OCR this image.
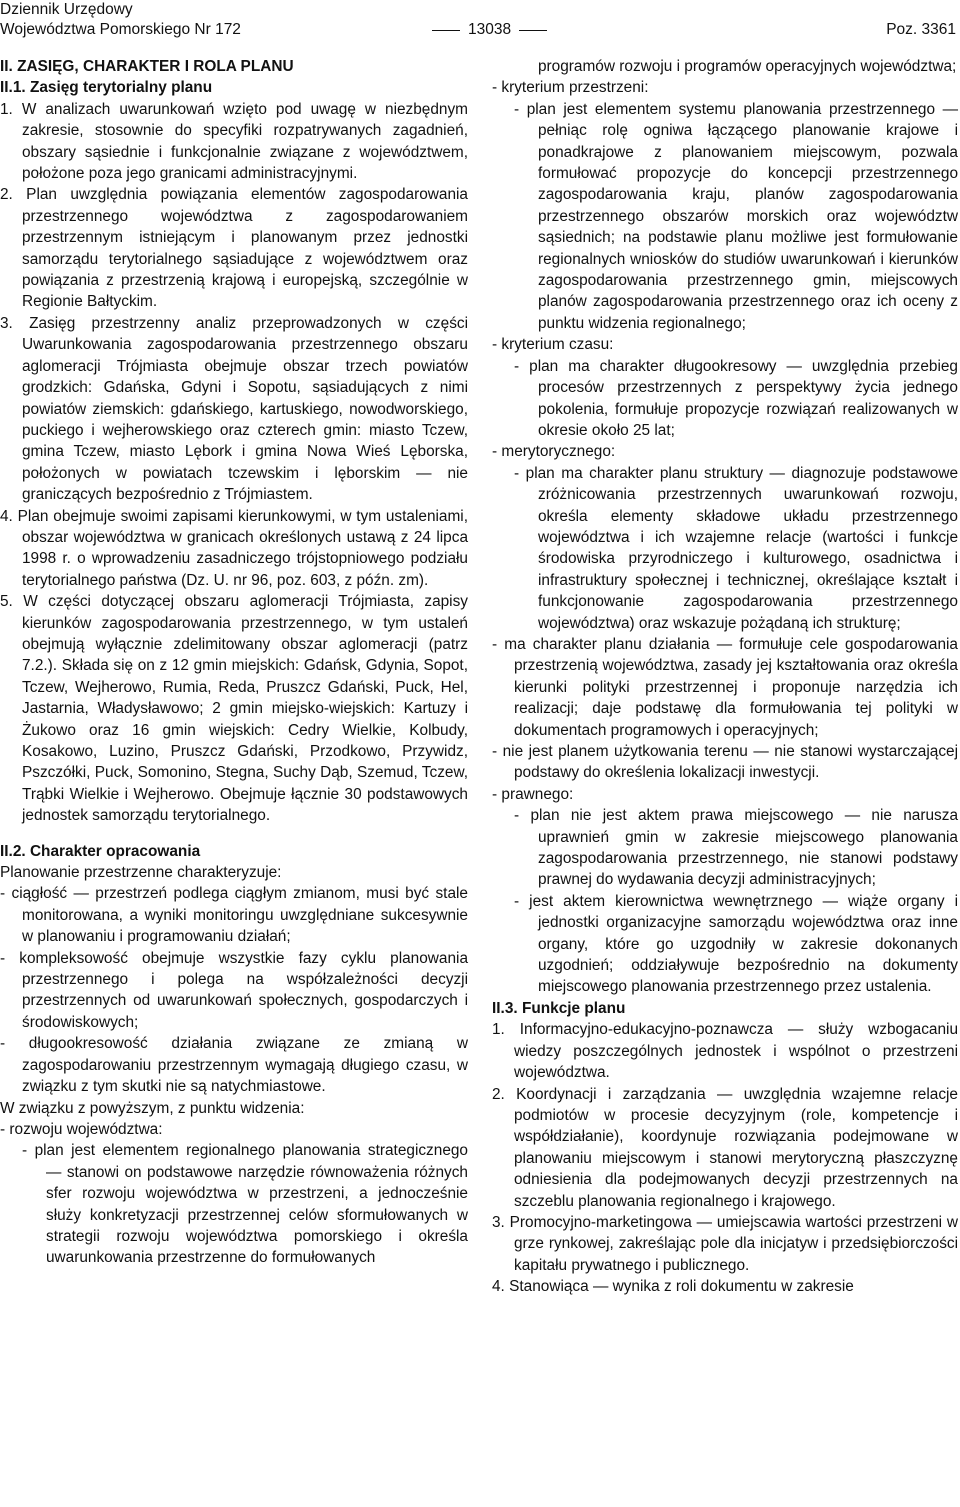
Dziennik Urzędowy
Województwa Pomorskiego Nr 172	13038	Poz. 3361

II. ZASIĘG, CHARAKTER I ROLA PLANU

II.1. Zasięg terytorialny planu

1. W analizach uwarunkowań wzięto pod uwagę w niezbędnym zakresie, stosownie do specyfiki rozpatrywanych zagadnień, obszary sąsiednie i funkcjonalnie związane z województwem, położone poza jego granicami administracyjnymi.

2. Plan uwzględnia powiązania elementów zagospodarowania przestrzennego województwa z zagospodarowaniem przestrzennym istniejącym i planowanym przez jednostki samorządu terytorialnego sąsiadujące z województwem oraz powiązania z przestrzenią krajową i europejską, szczególnie w Regionie Bałtyckim.

3. Zasięg przestrzenny analiz przeprowadzonych w części Uwarunkowania zagospodarowania przestrzennego obszaru aglomeracji Trójmiasta obejmuje obszar trzech powiatów grodzkich: Gdańska, Gdyni i Sopotu, sąsiadujących z nimi powiatów ziemskich: gdańskiego, kartuskiego, nowodworskiego, puckiego i wejherowskiego oraz czterech gmin: miasto Tczew, gmina Tczew, miasto Lębork i gmina Nowa Wieś Lęborska, położonych w powiatach tczewskim i lęborskim — nie graniczących bezpośrednio z Trójmiastem.

4. Plan obejmuje swoimi zapisami kierunkowymi, w tym ustaleniami, obszar województwa w granicach określonych ustawą z 24 lipca 1998 r. o wprowadzeniu zasadniczego trójstopniowego podziału terytorialnego państwa (Dz. U. nr 96, poz. 603, z późn. zm).

5. W części dotyczącej obszaru aglomeracji Trójmiasta, zapisy kierunków zagospodarowania przestrzennego, w tym ustaleń obejmują wyłącznie zdelimitowany obszar aglomeracji (patrz 7.2.). Składa się on z 12 gmin miejskich: Gdańsk, Gdynia, Sopot, Tczew, Wejherowo, Rumia, Reda, Pruszcz Gdański, Puck, Hel, Jastarnia, Władysławowo; 2 gmin miejsko-wiejskich: Kartuzy i Żukowo oraz 16 gmin wiejskich: Cedry Wielkie, Kolbudy, Kosakowo, Luzino, Pruszcz Gdański, Przodkowo, Przywidz, Pszczółki, Puck, Somonino, Stegna, Suchy Dąb, Szemud, Tczew, Trąbki Wielkie i Wejherowo. Obejmuje łącznie 30 podstawowych jednostek samorządu terytorialnego.

II.2. Charakter opracowania

Planowanie przestrzenne charakteryzuje:

- ciągłość — przestrzeń podlega ciągłym zmianom, musi być stale monitorowana, a wyniki monitoringu uwzględniane sukcesywnie w planowaniu i programowaniu działań;

- kompleksowość obejmuje wszystkie fazy cyklu planowania przestrzennego i polega na współzależności decyzji przestrzennych od uwarunkowań społecznych, gospodarczych i środowiskowych;

- długookresowość działania związane ze zmianą w zagospodarowaniu przestrzennym wymagają długiego czasu, w związku z tym skutki nie są natychmiastowe.

W związku z powyższym, z punktu widzenia:

- rozwoju województwa:

- plan jest elementem regionalnego planowania strategicznego — stanowi on podstawowe narzędzie równoważenia różnych sfer rozwoju województwa w przestrzeni, a jednocześnie służy konkretyzacji przestrzennej celów sformułowanych w strategii rozwoju województwa pomorskiego i określa uwarunkowania przestrzenne do formułowanych

programów rozwoju i programów operacyjnych województwa;

- kryterium przestrzeni:

- plan jest elementem systemu planowania przestrzennego — pełniąc rolę ogniwa łączącego planowanie krajowe i ponadkrajowe z planowaniem miejscowym, pozwala formułować propozycje do koncepcji przestrzennego zagospodarowania kraju, planów zagospodarowania przestrzennego obszarów morskich oraz województw sąsiednich; na podstawie planu możliwe jest formułowanie regionalnych wniosków do studiów uwarunkowań i kierunków zagospodarowania przestrzennego gmin, miejscowych planów zagospodarowania przestrzennego oraz ich oceny z punktu widzenia regionalnego;

- kryterium czasu:

- plan ma charakter długookresowy — uwzględnia przebieg procesów przestrzennych z perspektywy życia jednego pokolenia, formułuje propozycje rozwiązań realizowanych w okresie około 25 lat;

- merytorycznego:

- plan ma charakter planu struktury — diagnozuje podstawowe zróżnicowania przestrzennych uwarunkowań rozwoju, określa elementy składowe układu przestrzennego województwa i ich wzajemne relacje (wartości i funkcje środowiska przyrodniczego i kulturowego, osadnictwa i infrastruktury społecznej i technicznej, określające kształt i funkcjonowanie zagospodarowania przestrzennego województwa) oraz wskazuje pożądaną ich strukturę;

- ma charakter planu działania — formułuje cele gospodarowania przestrzenią województwa, zasady jej kształtowania oraz określa kierunki polityki przestrzennej i proponuje narzędzia ich realizacji; daje podstawę dla formułowania tej polityki w dokumentach programowych i operacyjnych;

- nie jest planem użytkowania terenu — nie stanowi wystarczającej podstawy do określenia lokalizacji inwestycji.

- prawnego:

- plan nie jest aktem prawa miejscowego — nie narusza uprawnień gmin w zakresie miejscowego planowania zagospodarowania przestrzennego, nie stanowi podstawy prawnej do wydawania decyzji administracyjnych;

- jest aktem kierownictwa wewnętrznego — wiąże organy i jednostki organizacyjne samorządu województwa oraz inne organy, które go uzgodniły w zakresie dokonanych uzgodnień; oddziaływuje bezpośrednio na dokumenty miejscowego planowania przestrzennego przez ustalenia.

II.3. Funkcje planu

1. Informacyjno-edukacyjno-poznawcza — służy wzbogacaniu wiedzy poszczególnych jednostek i wspólnot o przestrzeni województwa.

2. Koordynacji i zarządzania — uwzględnia wzajemne relacje podmiotów w procesie decyzyjnym (role, kompetencje i współdziałanie), koordynuje rozwiązania podejmowane w planowaniu miejscowym i stanowi merytoryczną płaszczyznę odniesienia dla podejmowanych decyzji przestrzennych na szczeblu planowania regionalnego i krajowego.

3. Promocyjno-marketingowa — umiejscawia wartości przestrzeni w grze rynkowej, zakreślając pole dla inicjatyw i przedsiębiorczości kapitału prywatnego i publicznego.

4. Stanowiąca — wynika z roli dokumentu w zakresie
